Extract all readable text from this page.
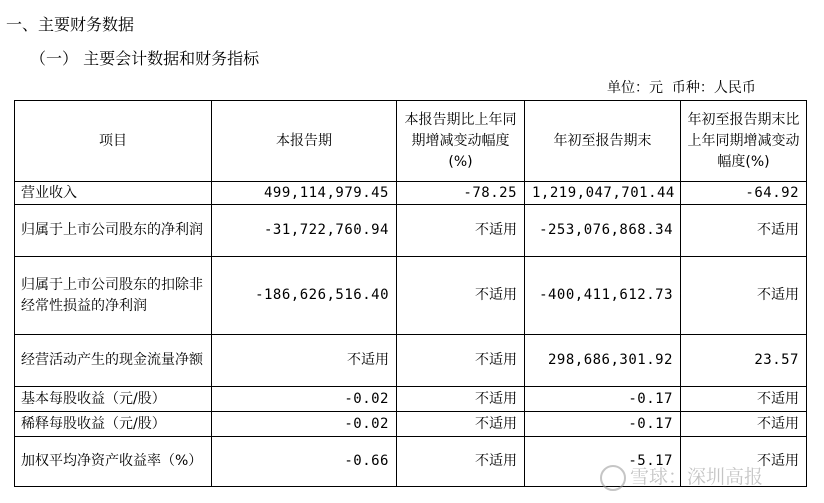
一、主要财务数据
（一） 主要会计数据和财务指标
单位：元  币种：人民币
项目	本报告期	本报告期比上年同期增减变动幅度(%)	年初至报告期末	年初至报告期末比上年同期增减变动幅度(%)
营业收入	499,114,979.45	-78.25	1,219,047,701.44	-64.92
归属于上市公司股东的净利润	-31,722,760.94	不适用	-253,076,868.34	不适用
归属于上市公司股东的扣除非经常性损益的净利润	-186,626,516.40	不适用	-400,411,612.73	不适用
经营活动产生的现金流量净额	不适用	不适用	298,686,301.92	23.57
基本每股收益（元/股）	-0.02	不适用	-0.17	不适用
稀释每股收益（元/股）	-0.02	不适用	-0.17	不适用
加权平均净资产收益率（%）	-0.66	不适用	-5.17	不适用
雪球：深圳高报
